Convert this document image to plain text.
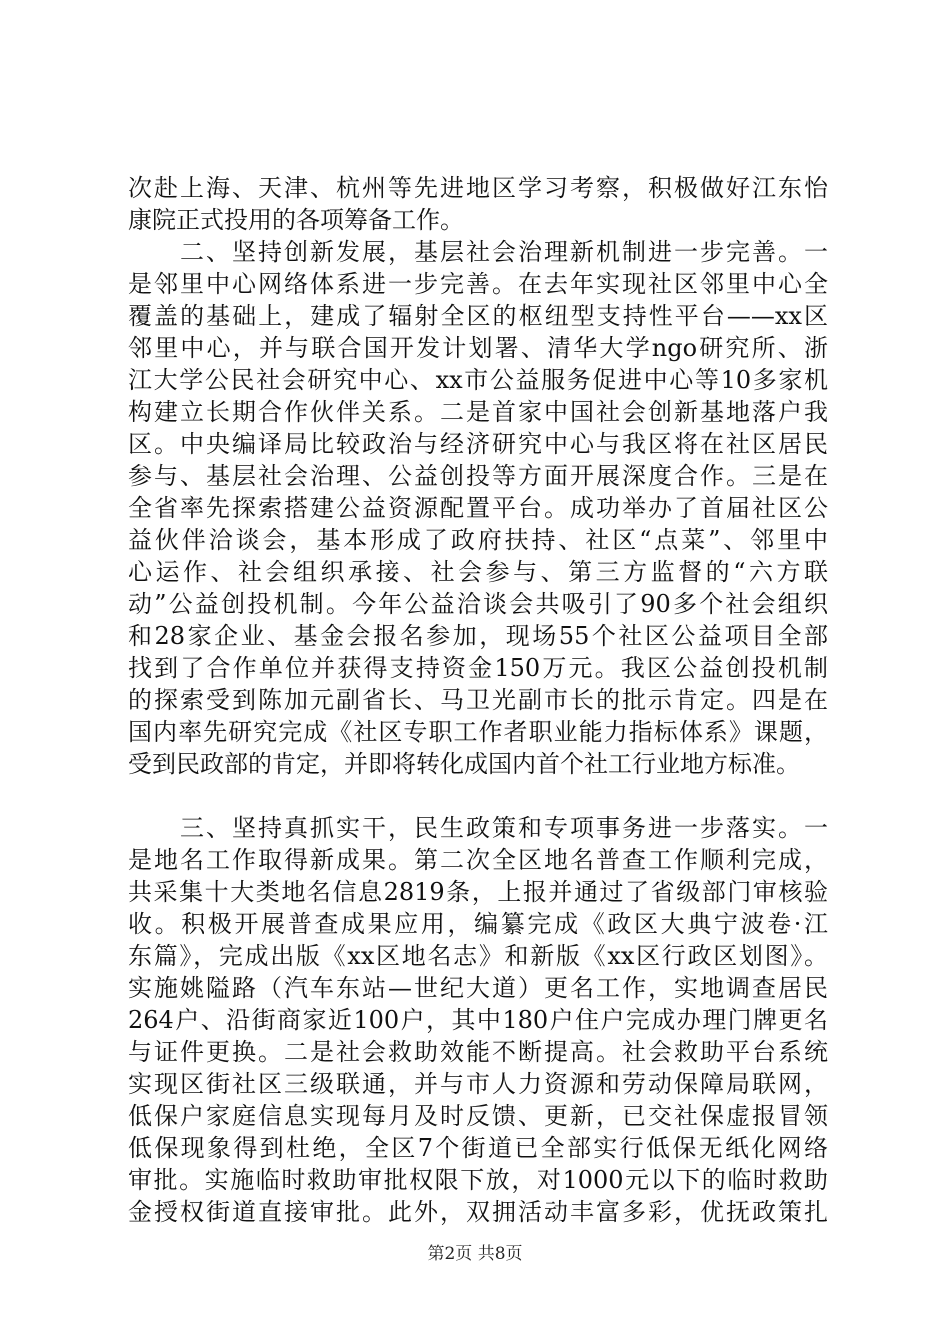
次赴上海、天津、杭州等先进地区学习考察，积极做好江东怡
康院正式投用的各项筹备工作。
　　二、坚持创新发展，基层社会治理新机制进一步完善。一
是邻里中心网络体系进一步完善。在去年实现社区邻里中心全
覆盖的基础上，建成了辐射全区的枢纽型支持性平台——xx区
邻里中心，并与联合国开发计划署、清华大学ngo研究所、浙
江大学公民社会研究中心、xx市公益服务促进中心等10多家机
构建立长期合作伙伴关系。二是首家中国社会创新基地落户我
区。中央编译局比较政治与经济研究中心与我区将在社区居民
参与、基层社会治理、公益创投等方面开展深度合作。三是在
全省率先探索搭建公益资源配置平台。成功举办了首届社区公
益伙伴洽谈会，基本形成了政府扶持、社区“点菜”、邻里中
心运作、社会组织承接、社会参与、第三方监督的“六方联
动”公益创投机制。今年公益洽谈会共吸引了90多个社会组织
和28家企业、基金会报名参加，现场55个社区公益项目全部
找到了合作单位并获得支持资金150万元。我区公益创投机制
的探索受到陈加元副省长、马卫光副市长的批示肯定。四是在
国内率先研究完成《社区专职工作者职业能力指标体系》课题，
受到民政部的肯定，并即将转化成国内首个社工行业地方标准。
　　三、坚持真抓实干，民生政策和专项事务进一步落实。一
是地名工作取得新成果。第二次全区地名普查工作顺利完成，
共采集十大类地名信息2819条，上报并通过了省级部门审核验
收。积极开展普查成果应用，编纂完成《政区大典宁波卷·江
东篇》，完成出版《xx区地名志》和新版《xx区行政区划图》。
实施姚隘路（汽车东站—世纪大道）更名工作，实地调查居民
264户、沿街商家近100户，其中180户住户完成办理门牌更名
与证件更换。二是社会救助效能不断提高。社会救助平台系统
实现区街社区三级联通，并与市人力资源和劳动保障局联网，
低保户家庭信息实现每月及时反馈、更新，已交社保虚报冒领
低保现象得到杜绝，全区7个街道已全部实行低保无纸化网络
审批。实施临时救助审批权限下放，对1000元以下的临时救助
金授权街道直接审批。此外，双拥活动丰富多彩，优抚政策扎
第2页 共8页
